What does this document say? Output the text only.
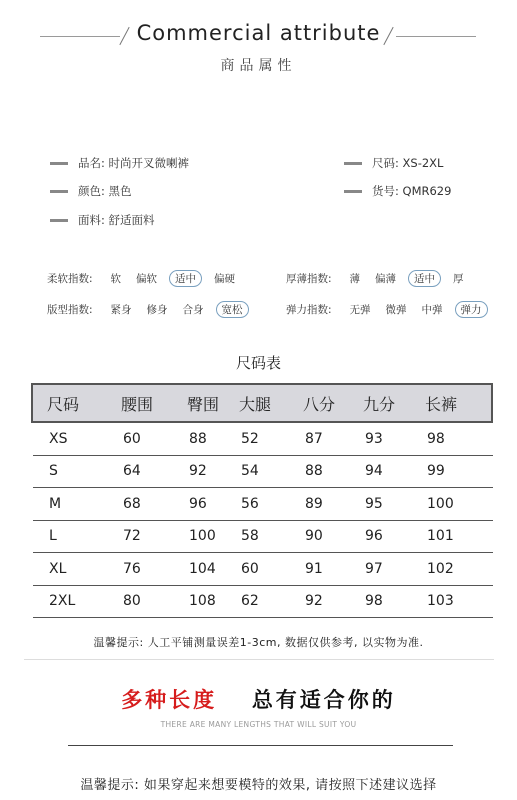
Commercial attribute
商品属性
品名: 时尚开叉微喇裤
颜色: 黑色
面料: 舒适面料
尺码: XS-2XL
货号: QMR629
柔软指数: 软 偏软	适中	偏硬	厚薄指数: 薄 偏薄	适中	厚
版型指数: 紧身 修身 合身	宽松	弹力指数: 无弹 微弹 中弹	弹力
尺码表
尺码	腰围 臀围 大腿 八分 九分 长裤
XS	60	88 52	87	93	98
S	64	92 54	88	94	99
M	68	96 56	89	95	100
L	72	100 58	90	96	101
XL	76	104 60	91	97	102
2XL	80	108 62	92	98	103
温馨提示: 人工平铺测量误差1-3cm, 数据仅供参考, 以实物为准.
多种长度 总有适合你的
THERE ARE MANY LENGTHS THAT WILL SUIT YOU
温馨提示: 如果穿起来想要模特的效果, 请按照下述建议选择
